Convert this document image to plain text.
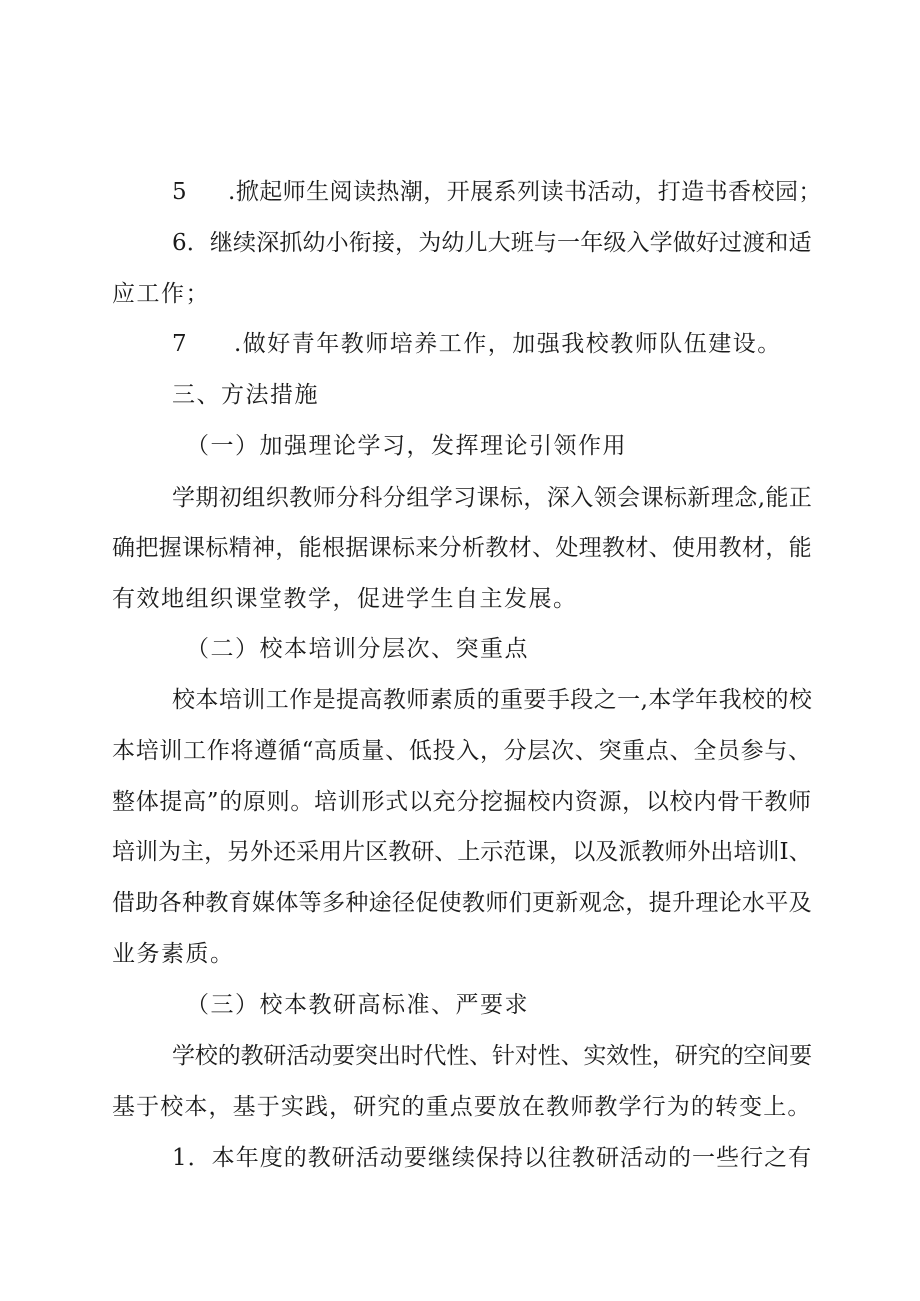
5 .掀起师生阅读热潮，开展系列读书活动，打造书香校园；
6．继续深抓幼小衔接，为幼儿大班与一年级入学做好过渡和适
应工作；
7 .做好青年教师培养工作，加强我校教师队伍建设。
三、方法措施
（一）加强理论学习，发挥理论引领作用
学期初组织教师分科分组学习课标，深入领会课标新理念,能正
确把握课标精神，能根据课标来分析教材、处理教材、使用教材，能
有效地组织课堂教学，促进学生自主发展。
（二）校本培训分层次、突重点
校本培训工作是提高教师素质的重要手段之一,本学年我校的校
本培训工作将遵循“高质量、低投入，分层次、突重点、全员参与、
整体提高”的原则。培训形式以充分挖掘校内资源，以校内骨干教师
培训为主，另外还采用片区教研、上示范课，以及派教师外出培训I、
借助各种教育媒体等多种途径促使教师们更新观念，提升理论水平及
业务素质。
（三）校本教研高标准、严要求
学校的教研活动要突出时代性、针对性、实效性，研究的空间要
基于校本，基于实践，研究的重点要放在教师教学行为的转变上。
1．本年度的教研活动要继续保持以往教研活动的一些行之有
